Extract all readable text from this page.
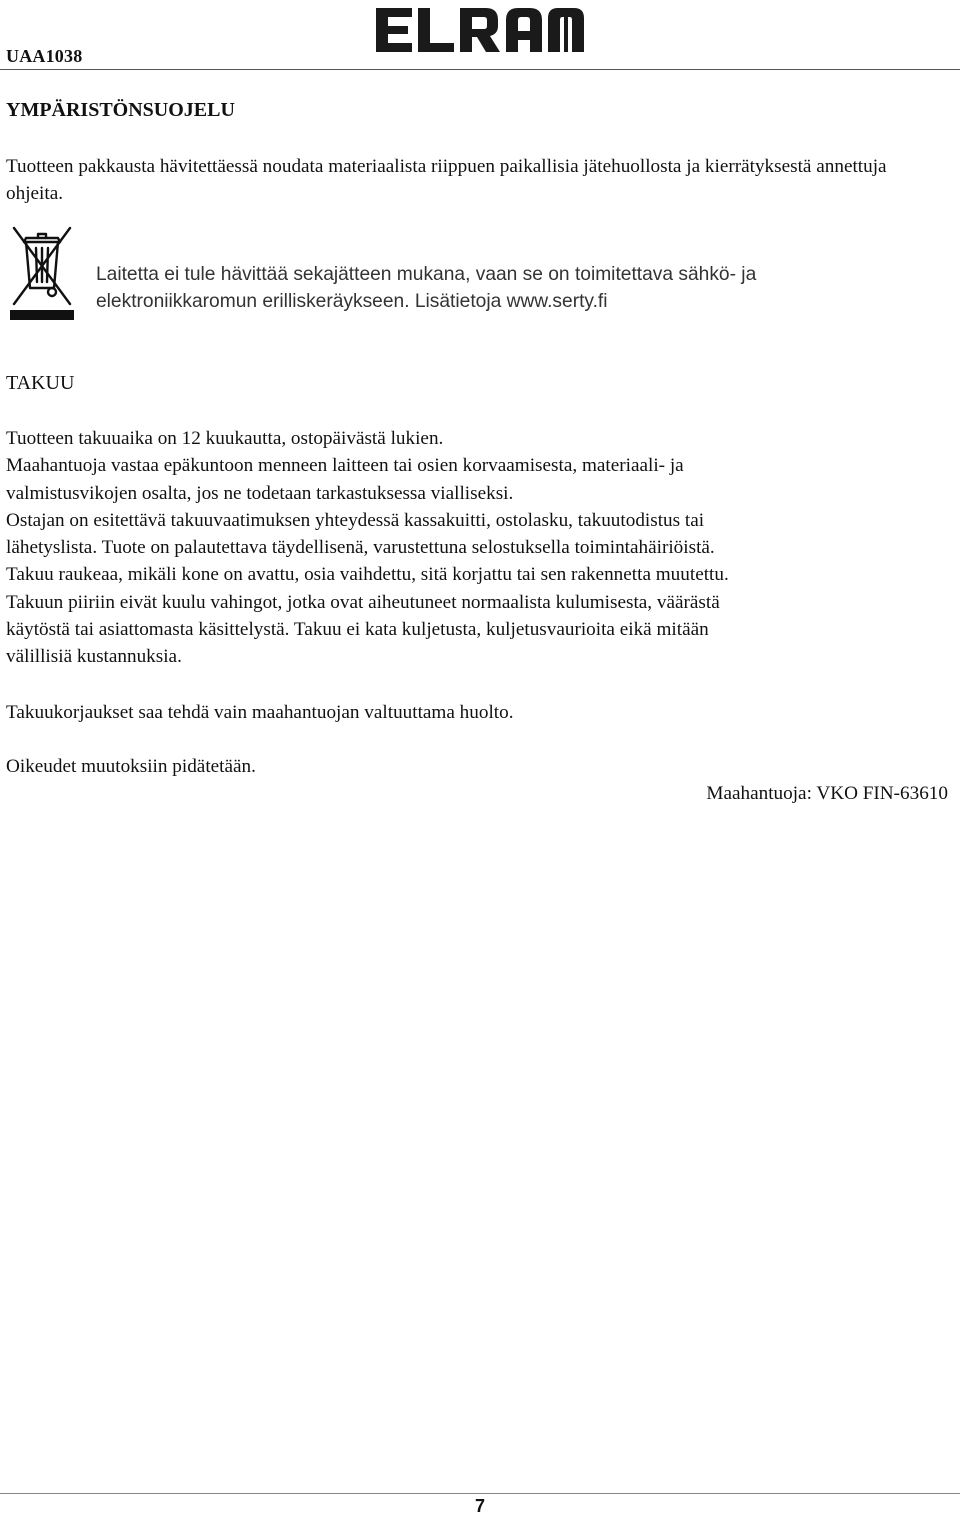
UAA1038
YMPÄRISTÖNSUOJELU

Tuotteen pakkausta hävitettäessä noudata materiaalista riippuen paikallisia jätehuollosta ja kierrätyksestä annettuja ohjeita.

Laitetta ei tule hävittää sekajätteen mukana, vaan se on toimitettava sähkö- ja
elektroniikkaromun erilliskeräykseen. Lisätietoja www.serty.fi
TAKUU
Tuotteen takuuaika on 12 kuukautta, ostopäivästä lukien.
Maahantuoja vastaa epäkuntoon menneen laitteen tai osien korvaamisesta, materiaali- ja
valmistusvikojen osalta, jos ne todetaan tarkastuksessa vialliseksi.
Ostajan on esitettävä takuuvaatimuksen yhteydessä kassakuitti, ostolasku, takuutodistus tai
lähetyslista. Tuote on palautettava täydellisenä, varustettuna selostuksella toimintahäiriöistä.
Takuu raukeaa, mikäli kone on avattu, osia vaihdettu, sitä korjattu tai sen rakennetta muutettu.
Takuun piiriin eivät kuulu vahingot, jotka ovat aiheutuneet normaalista kulumisesta, väärästä
käytöstä tai asiattomasta käsittelystä. Takuu ei kata kuljetusta, kuljetusvaurioita eikä mitään
välillisiä kustannuksia.

Takuukorjaukset saa tehdä vain maahantuojan valtuuttama huolto.

Oikeudet muutoksiin pidätetään.

Maahantuoja: VKO FIN-63610

7
